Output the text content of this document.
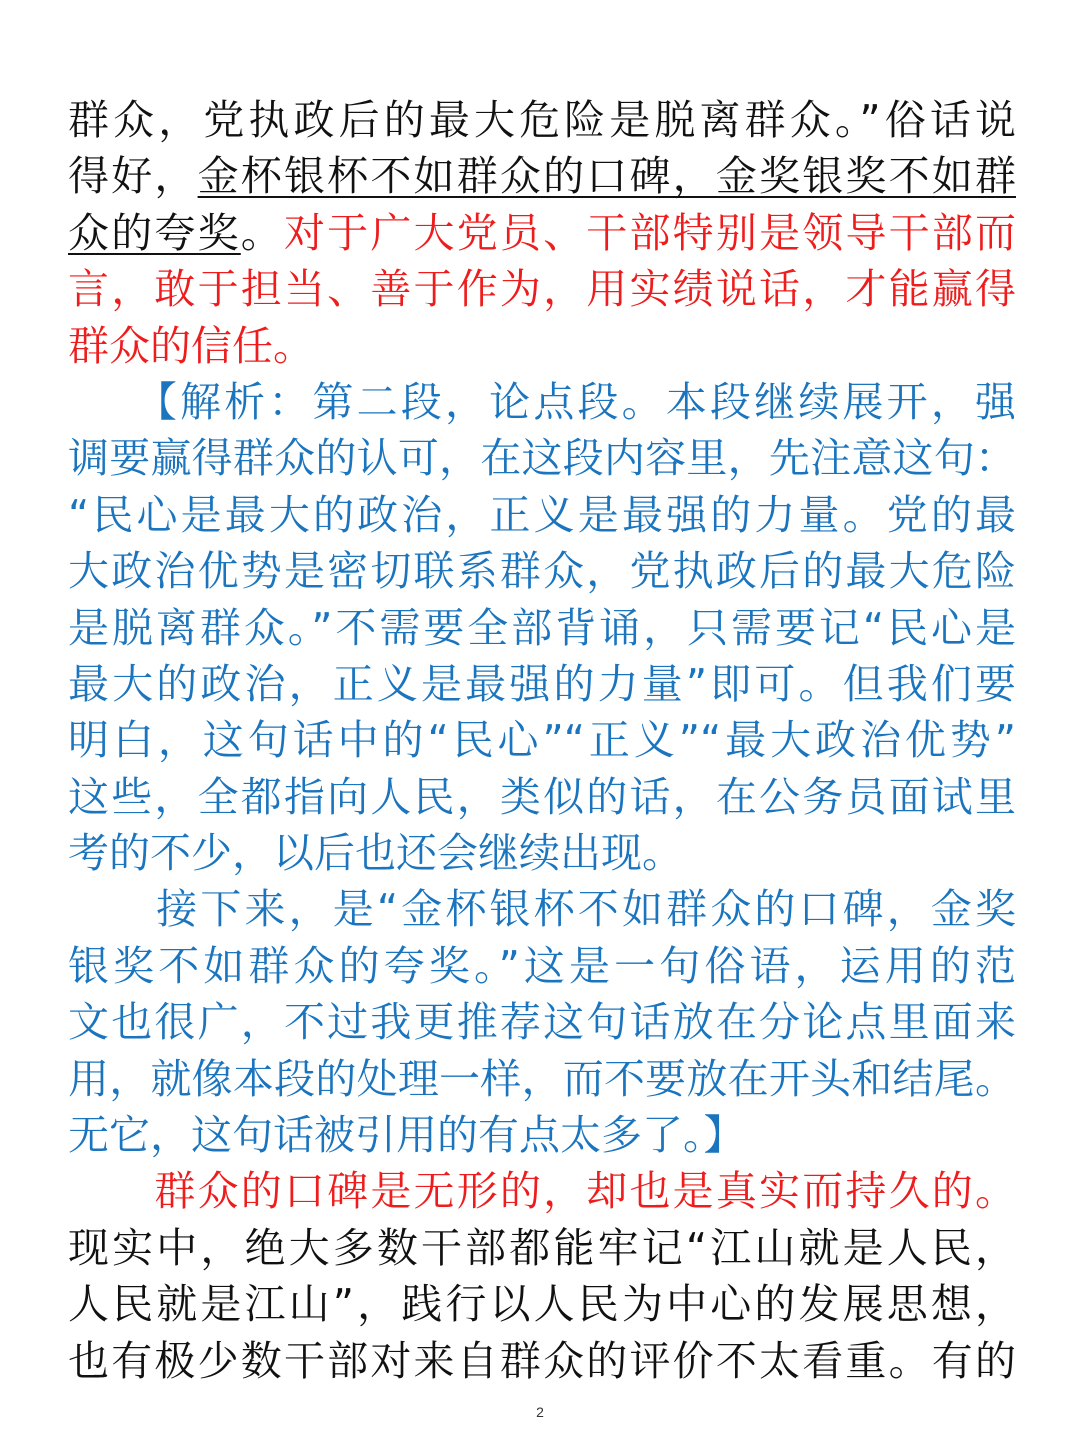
群众，党执政后的最大危险是脱离群众。”俗话说
得好，金杯银杯不如群众的口碑，金奖银奖不如群
众的夸奖。对于广大党员、干部特别是领导干部而
言，敢于担当、善于作为，用实绩说话，才能赢得
群众的信任。
　　【解析：第二段，论点段。本段继续展开，强
调要赢得群众的认可，在这段内容里，先注意这句：
“民心是最大的政治，正义是最强的力量。党的最
大政治优势是密切联系群众，党执政后的最大危险
是脱离群众。”不需要全部背诵，只需要记“民心是
最大的政治，正义是最强的力量”即可。但我们要
明白，这句话中的“民心”“正义”“最大政治优势”
这些，全都指向人民，类似的话，在公务员面试里
考的不少，以后也还会继续出现。
　　接下来，是“金杯银杯不如群众的口碑，金奖
银奖不如群众的夸奖。”这是一句俗语，运用的范
文也很广，不过我更推荐这句话放在分论点里面来
用，就像本段的处理一样，而不要放在开头和结尾。
无它，这句话被引用的有点太多了。】
　　群众的口碑是无形的，却也是真实而持久的。
现实中，绝大多数干部都能牢记“江山就是人民，
人民就是江山”，践行以人民为中心的发展思想，
也有极少数干部对来自群众的评价不太看重。有的
2
